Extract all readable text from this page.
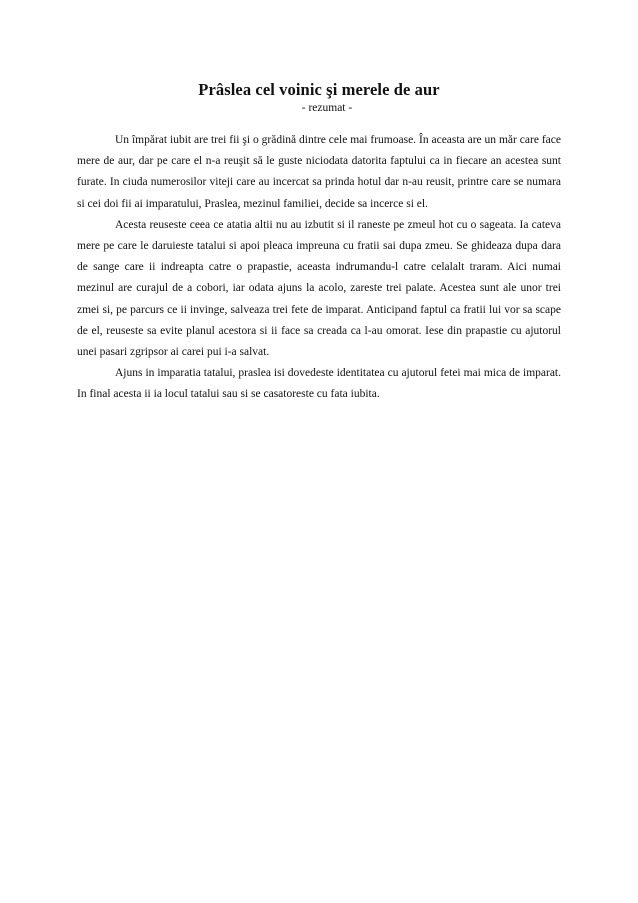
Prâslea cel voinic şi merele de aur
- rezumat -

Un împărat iubit are trei fii şi o grădină dintre cele mai frumoase. În aceasta are un măr care face mere de aur, dar pe care el n-a reuşit să le guste niciodata datorita faptului ca in fiecare an acestea sunt furate. In ciuda numerosilor viteji care au incercat sa prinda hotul dar n-au reusit, printre care se numara si cei doi fii ai imparatului, Praslea, mezinul familiei, decide sa incerce si el.

Acesta reuseste ceea ce atatia altii nu au izbutit si il raneste pe zmeul hot cu o sageata. Ia cateva mere pe care le daruieste tatalui si apoi pleaca impreuna cu fratii sai dupa zmeu. Se ghideaza dupa dara de sange care ii indreapta catre o prapastie, aceasta indrumandu-l catre celalalt traram. Aici numai mezinul are curajul de a cobori, iar odata ajuns la acolo, zareste trei palate. Acestea sunt ale unor trei zmei si, pe parcurs ce ii invinge, salveaza trei fete de imparat. Anticipand faptul ca fratii lui vor sa scape de el, reuseste sa evite planul acestora si ii face sa creada ca l-au omorat. Iese din prapastie cu ajutorul unei pasari zgripsor ai carei pui i-a salvat.

Ajuns in imparatia tatalui, praslea isi dovedeste identitatea cu ajutorul fetei mai mica de imparat. In final acesta ii ia locul tatalui sau si se casatoreste cu fata iubita.
